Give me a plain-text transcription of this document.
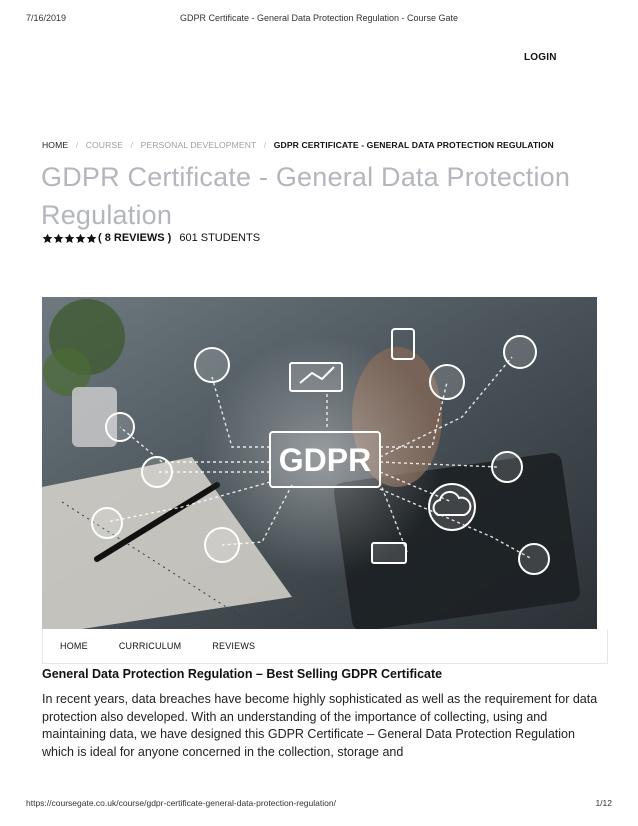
7/16/2019	GDPR Certificate - General Data Protection Regulation - Course Gate
LOGIN
HOME / COURSE / PERSONAL DEVELOPMENT / GDPR CERTIFICATE - GENERAL DATA PROTECTION REGULATION
GDPR Certificate - General Data Protection Regulation
( 8 REVIEWS ) 601 STUDENTS
GDPR
HOME	CURRICULUM	REVIEWS
General Data Protection Regulation – Best Selling GDPR Certificate

In recent years, data breaches have become highly sophisticated as well as the requirement for data protection also developed. With an understanding of the importance of collecting, using and maintaining data, we have designed this GDPR Certificate – General Data Protection Regulation which is ideal for anyone concerned in the collection, storage and

https://coursegate.co.uk/course/gdpr-certificate-general-data-protection-regulation/	1/12
